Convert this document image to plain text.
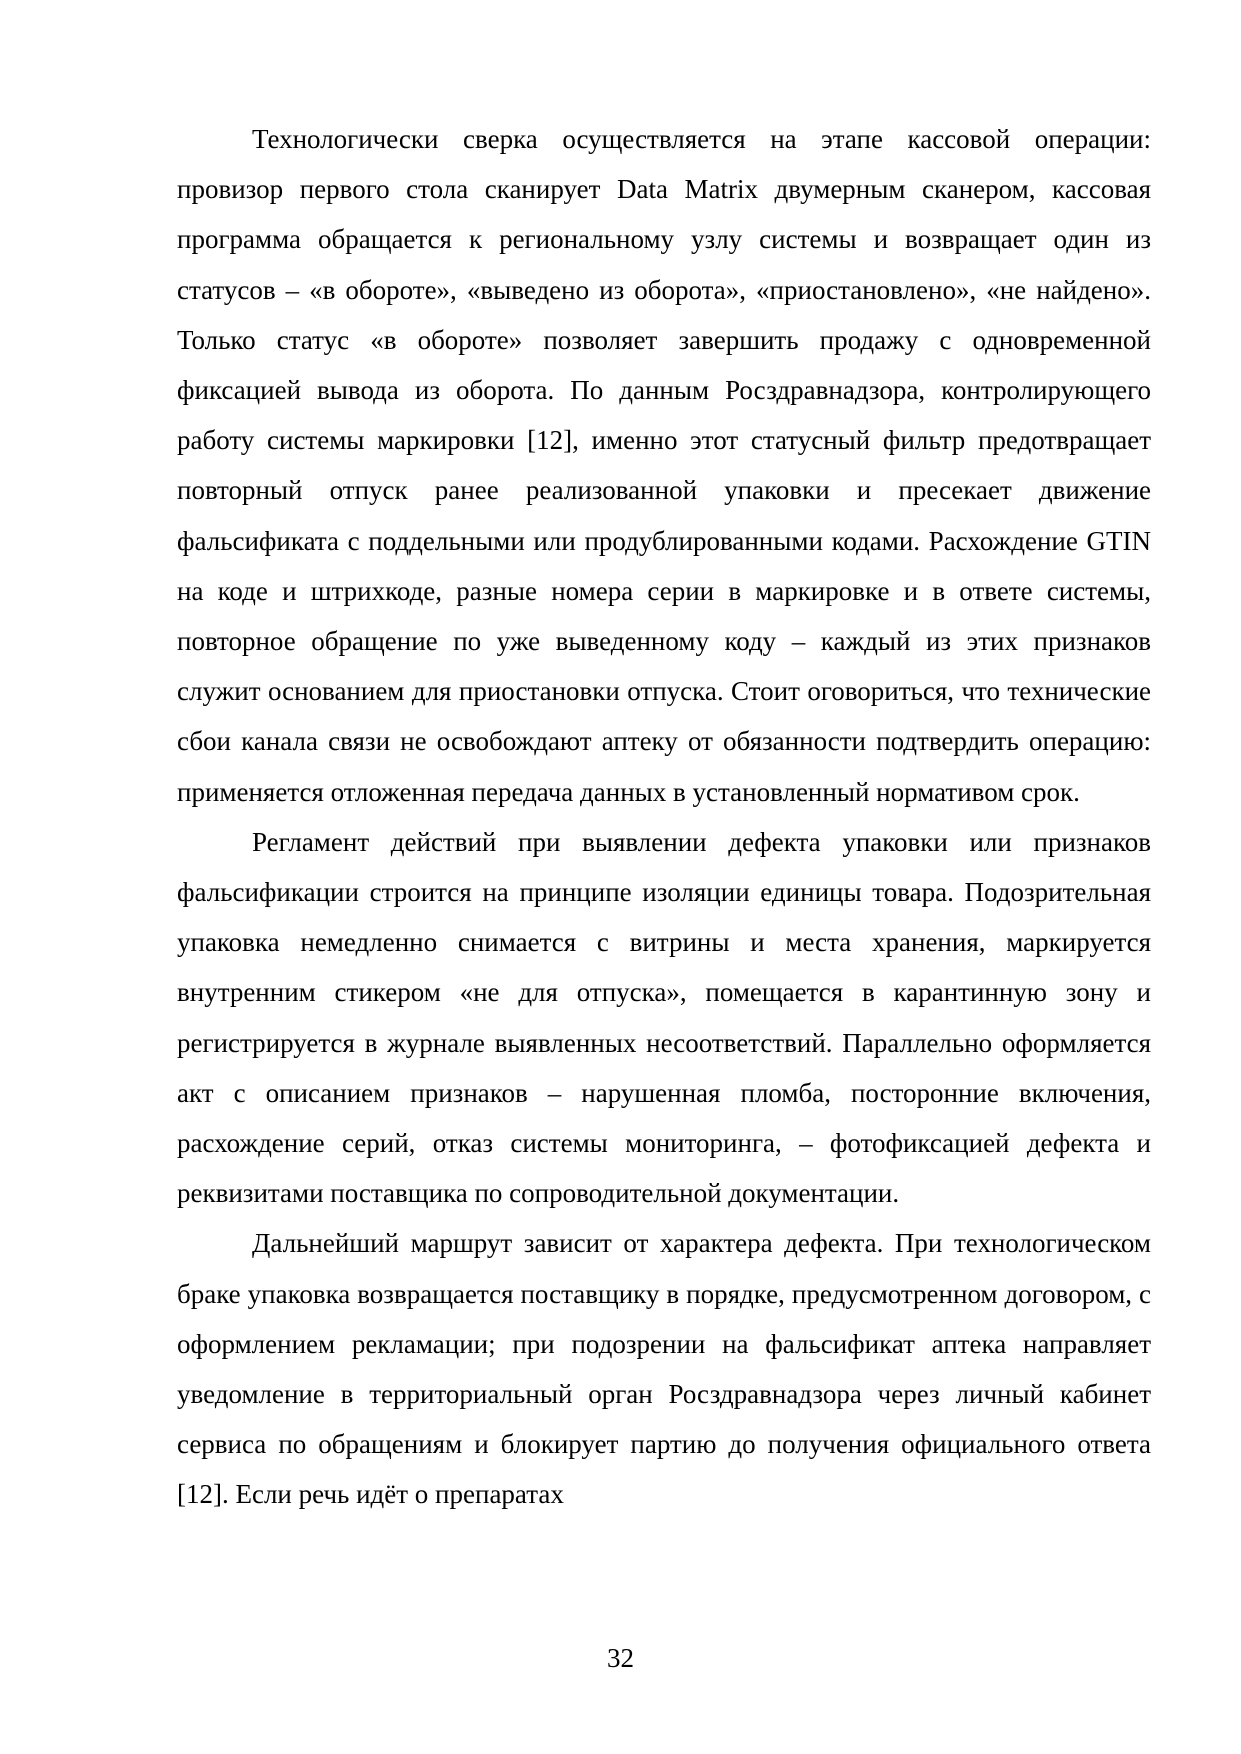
Технологически сверка осуществляется на этапе кассовой операции: провизор первого стола сканирует Data Matrix двумерным сканером, кассовая программа обращается к региональному узлу системы и возвращает один из статусов – «в обороте», «выведено из оборота», «приостановлено», «не найдено». Только статус «в обороте» позволяет завершить продажу с одновременной фиксацией вывода из оборота. По данным Росздравнадзора, контролирующего работу системы маркировки [12], именно этот статусный фильтр предотвращает повторный отпуск ранее реализованной упаковки и пресекает движение фальсификата с поддельными или продублированными кодами. Расхождение GTIN на коде и штрихкоде, разные номера серии в маркировке и в ответе системы, повторное обращение по уже выведенному коду – каждый из этих признаков служит основанием для приостановки отпуска. Стоит оговориться, что технические сбои канала связи не освобождают аптеку от обязанности подтвердить операцию: применяется отложенная передача данных в установленный нормативом срок.

Регламент действий при выявлении дефекта упаковки или признаков фальсификации строится на принципе изоляции единицы товара. Подозрительная упаковка немедленно снимается с витрины и места хранения, маркируется внутренним стикером «не для отпуска», помещается в карантинную зону и регистрируется в журнале выявленных несоответствий. Параллельно оформляется акт с описанием признаков – нарушенная пломба, посторонние включения, расхождение серий, отказ системы мониторинга, – фотофиксацией дефекта и реквизитами поставщика по сопроводительной документации.

Дальнейший маршрут зависит от характера дефекта. При технологическом браке упаковка возвращается поставщику в порядке, предусмотренном договором, с оформлением рекламации; при подозрении на фальсификат аптека направляет уведомление в территориальный орган Росздравнадзора через личный кабинет сервиса по обращениям и блокирует партию до получения официального ответа [12]. Если речь идёт о препаратах

32
